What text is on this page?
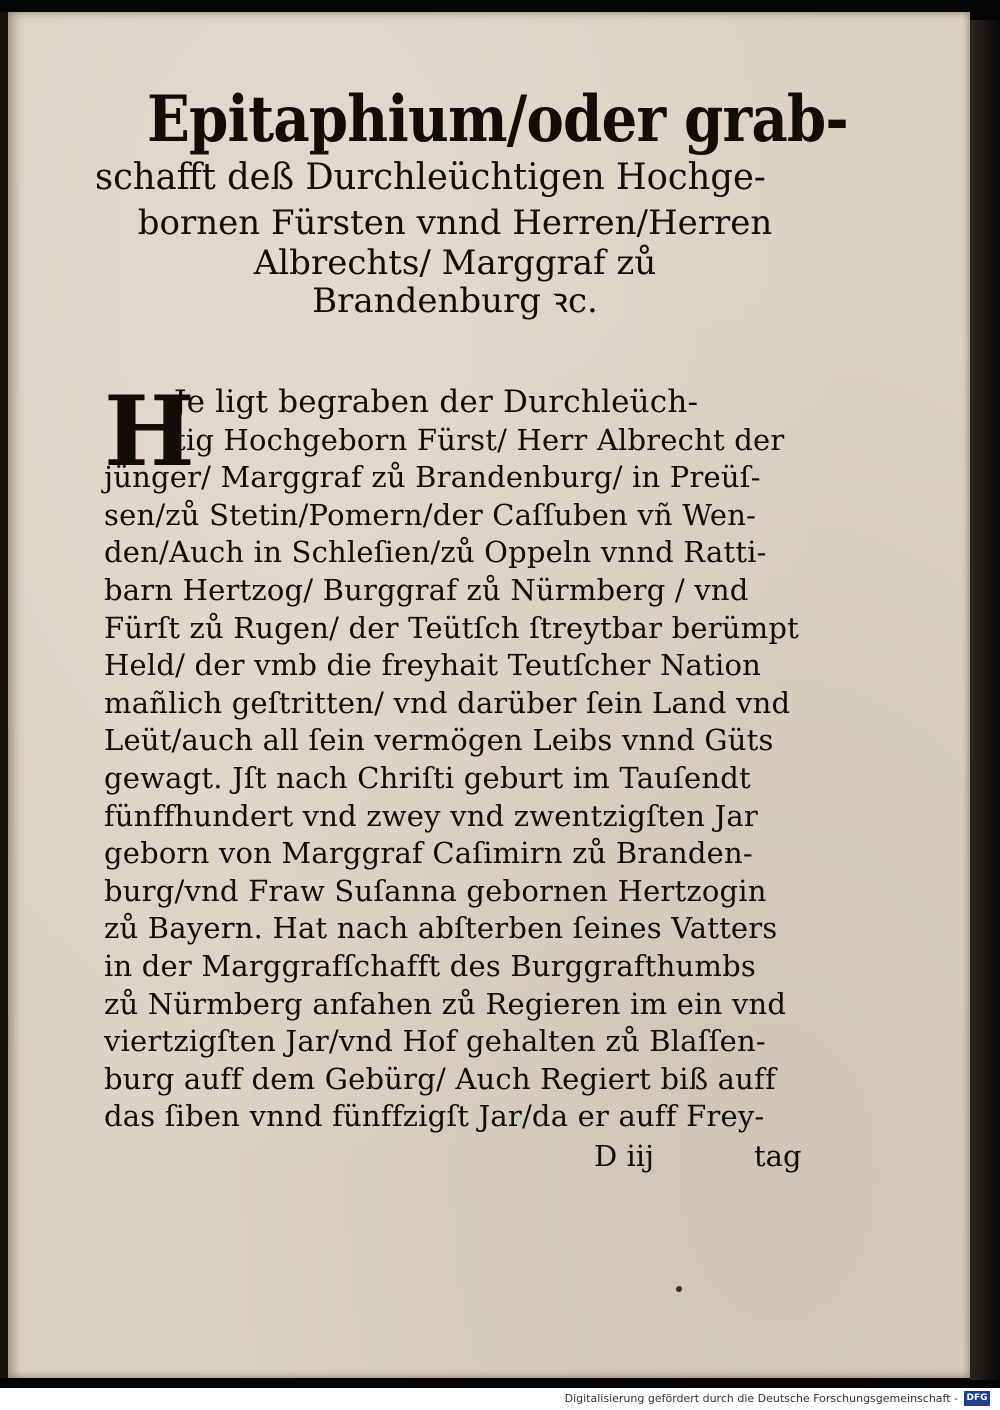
Epitaphium/oder grab-
schafft deß Durchleüchtigen Hochge-
bornen Fürsten vnnd Herren/Herren
Albrechts/ Marggraf zů
Brandenburg ꝛc.
H
Je ligt begraben der Durchleüch-
tig Hochgeborn Fürst/ Herr Albrecht der
jünger/ Marggraf zů Brandenburg/ in Preüſ-
sen/zů Stetin/Pomern/der Caſſuben vñ Wen-
den/Auch in Schleſien/zů Oppeln vnnd Ratti-
barn Hertzog/ Burggraf zů Nürmberg / vnd
Fürſt zů Rugen/ der Teütſch ſtreytbar berümpt
Held/ der vmb die freyhait Teutſcher Nation
mañlich geſtritten/ vnd darüber ſein Land vnd
Leüt/auch all ſein vermögen Leibs vnnd Güts
gewagt. Jſt nach Chriſti geburt im Tauſendt
fünffhundert vnd zwey vnd zwentzigſten Jar
geborn von Marggraf Caſimirn zů Branden-
burg/vnd Fraw Suſanna gebornen Hertzogin
zů Bayern. Hat nach abſterben ſeines Vatters
in der Marggrafſchafft des Burggrafthumbs
zů Nürmberg anfahen zů Regieren im ein vnd
viertzigſten Jar/vnd Hof gehalten zů Blaſſen-
burg auff dem Gebürg/ Auch Regiert biß auff
das ſiben vnnd fünffzigſt Jar/da er auff Frey-
D iij	tag
Digitalisierung gefördert durch die Deutsche Forschungsgemeinschaft - DFG
